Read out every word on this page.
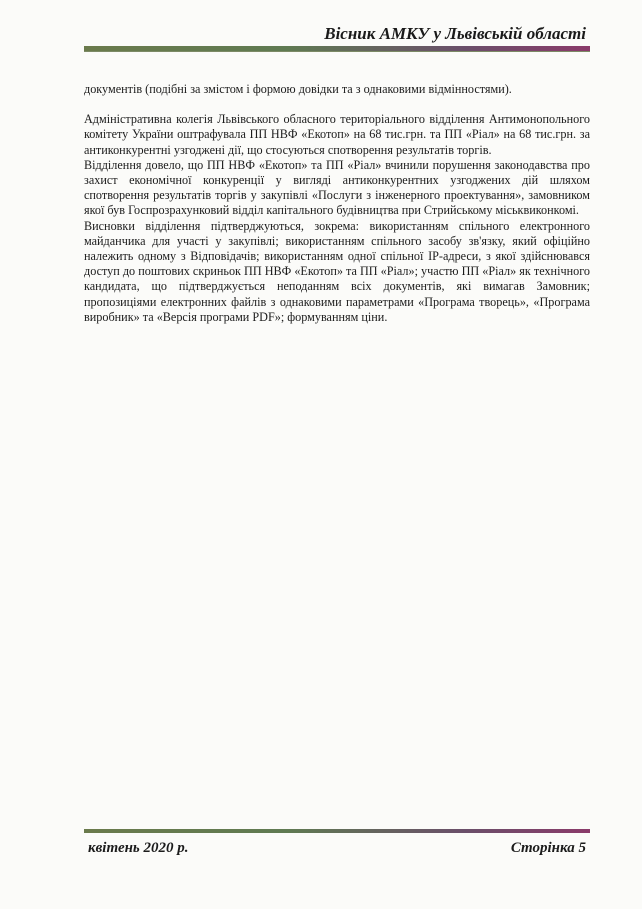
Вісник АМКУ у Львівській області

документів (подібні за змістом і формою довідки та з однаковими відмінностями).

Адміністративна колегія Львівського обласного територіального відділення Антимонопольного комітету України оштрафувала ПП НВФ «Екотоп» на 68 тис.грн. та ПП «Ріал» на 68 тис.грн. за антиконкурентні узгоджені дії, що стосуються спотворення результатів торгів.

Відділення довело, що ПП НВФ «Екотоп» та ПП «Ріал» вчинили порушення законодавства про захист економічної конкуренції у вигляді антиконкурентних узгоджених дій шляхом спотворення результатів торгів у закупівлі «Послуги з інженерного проектування», замовником якої був Госпрозрахунковий відділ капітального будівництва при Стрийському міськвиконкомі.

Висновки відділення підтверджуються, зокрема: використанням спільного електронного майданчика для участі у закупівлі; використанням спільного засобу зв'язку, який офіційно належить одному з Відповідачів; використанням одної спільної IP-адреси, з якої здійснювався доступ до поштових скриньок ПП НВФ «Екотоп» та ПП «Ріал»; участю ПП «Ріал» як технічного кандидата, що підтверджується неподанням всіх документів, які вимагав Замовник; пропозиціями електронних файлів з однаковими параметрами «Програма творець», «Програма виробник» та «Версія програми PDF»; формуванням ціни.

квітень 2020 р.	Сторінка 5
